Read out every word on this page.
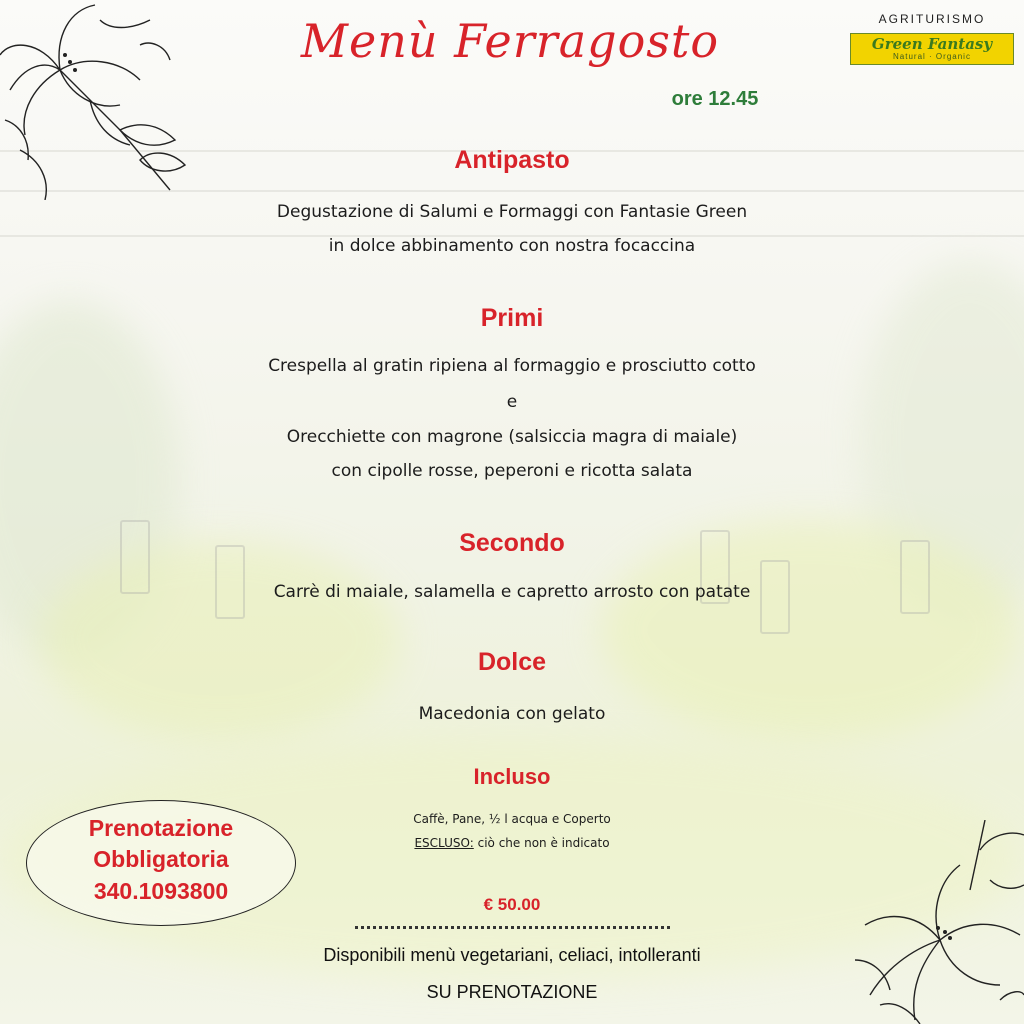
Menù Ferragosto
ore 12.45
AGRITURISMO
Green Fantasy
Natural · Organic
Antipasto
Degustazione di Salumi e Formaggi con Fantasie Green
in dolce abbinamento con nostra focaccina
Primi
Crespella al gratin ripiena al formaggio e prosciutto cotto
e
Orecchiette con magrone (salsiccia magra di maiale)
con cipolle rosse, peperoni e ricotta salata
Secondo
Carrè di maiale, salamella e capretto arrosto con patate
Dolce
Macedonia con gelato
Incluso
Caffè, Pane, ½ l acqua e Coperto
ESCLUSO: ciò che non è indicato
Prenotazione
Obbligatoria
340.1093800
€ 50.00
Disponibili menù vegetariani, celiaci, intolleranti
SU PRENOTAZIONE
